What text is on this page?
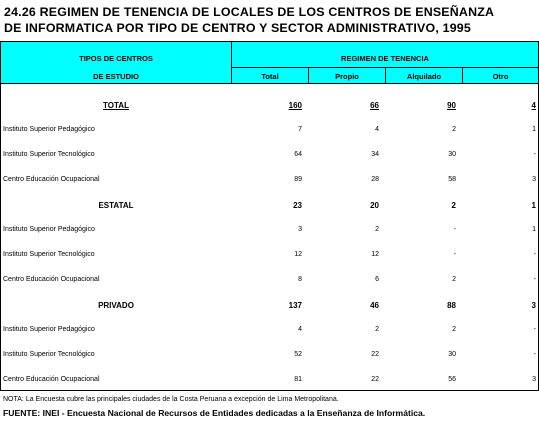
24.26 REGIMEN DE TENENCIA DE LOCALES DE LOS CENTROS DE ENSEÑANZA
DE INFORMATICA POR TIPO DE CENTRO Y SECTOR ADMINISTRATIVO, 1995
TIPOS DE CENTROS
DE ESTUDIO
REGIMEN DE TENENCIA
Total	Propio	Alquilado	Otro
TOTAL	160	66	90	4
Instituto Superior Pedagógico	7	4	2	1
Instituto Superior Tecnológico	64	34	30	-
Centro Educación Ocupacional	89	28	58	3
ESTATAL	23	20	2	1
Instituto Superior Pedagógico	3	2	-	1
Instituto Superior Tecnológico	12	12	-	-
Centro Educación Ocupacional	8	6	2	-
PRIVADO	137	46	88	3
Instituto Superior Pedagógico	4	2	2	-
Instituto Superior Tecnológico	52	22	30	-
Centro Educación Ocupacional	81	22	56	3
NOTA: La Encuesta cubre las principales ciudades de la Costa Peruana a excepción de Lima Metropolitana.
FUENTE: INEI - Encuesta Nacional de Recursos de Entidades dedicadas a la Enseñanza de Informática.
